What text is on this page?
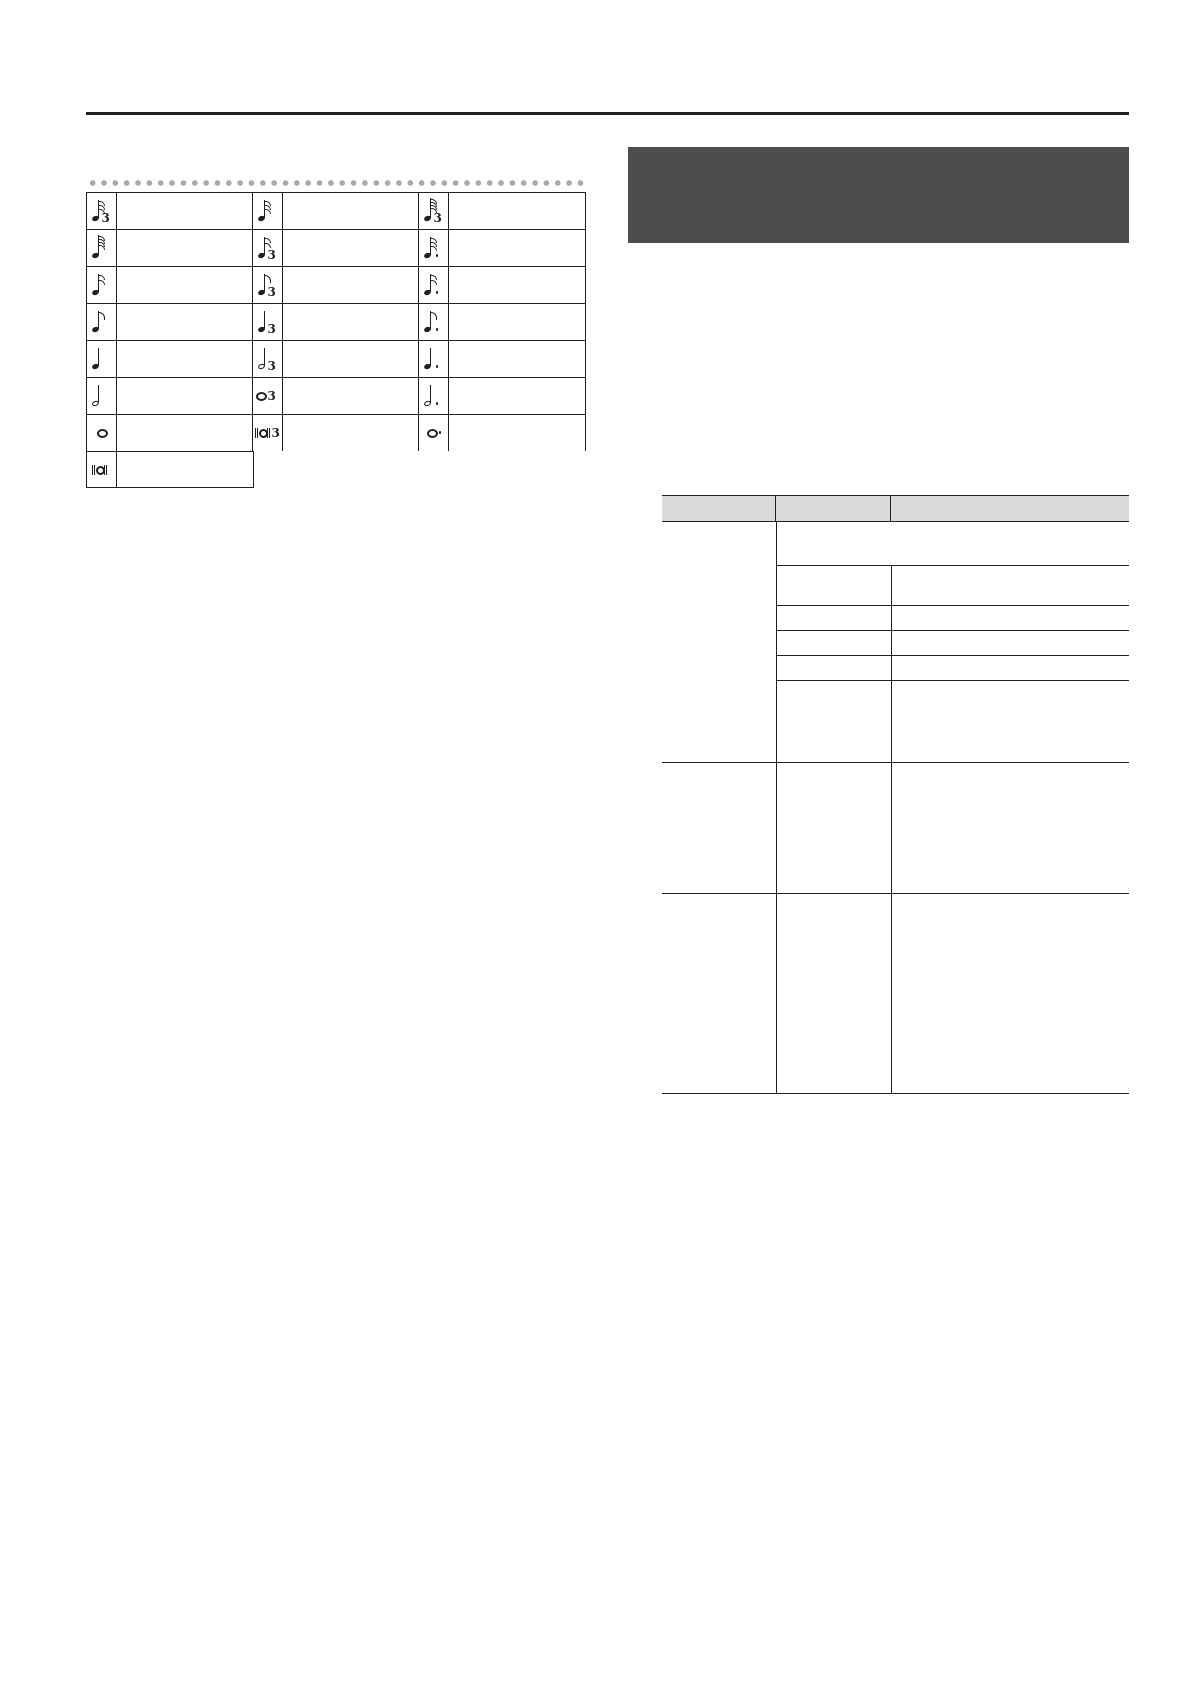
3	3
3
3
3
3
3
3
